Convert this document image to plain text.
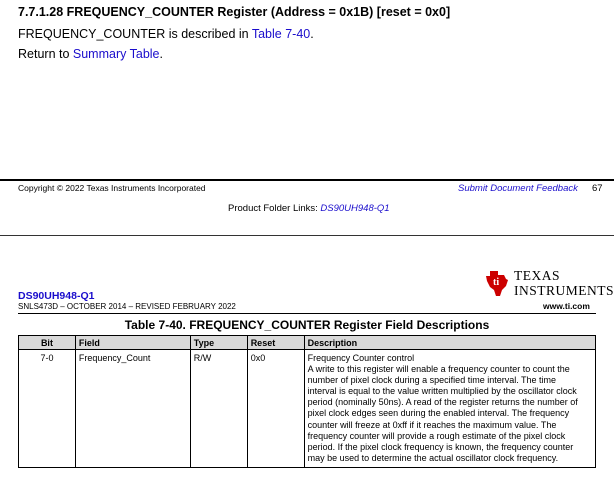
7.7.1.28 FREQUENCY_COUNTER Register (Address = 0x1B) [reset = 0x0]
FREQUENCY_COUNTER is described in Table 7-40.
Return to Summary Table.
Copyright © 2022 Texas Instruments Incorporated	Submit Document Feedback 67
Product Folder Links: DS90UH948-Q1
DS90UH948-Q1
SNLS473D – OCTOBER 2014 – REVISED FEBRUARY 2022
ti TEXAS
INSTRUMENTS
www.ti.com
Table 7-40. FREQUENCY_COUNTER Register Field Descriptions
Bit	Field	Type	Reset	Description
7-0	Frequency_Count	R/W	0x0	Frequency Counter control
A write to this register will enable a frequency counter to count the number of pixel clock during a specified time interval. The time interval is equal to the value written multiplied by the oscillator clock period (nominally 50ns). A read of the register returns the number of pixel clock edges seen during the enabled interval. The frequency counter will freeze at 0xff if it reaches the maximum value. The frequency counter will provide a rough estimate of the pixel clock period. If the pixel clock frequency is known, the frequency counter may be used to determine the actual oscillator clock frequency.
